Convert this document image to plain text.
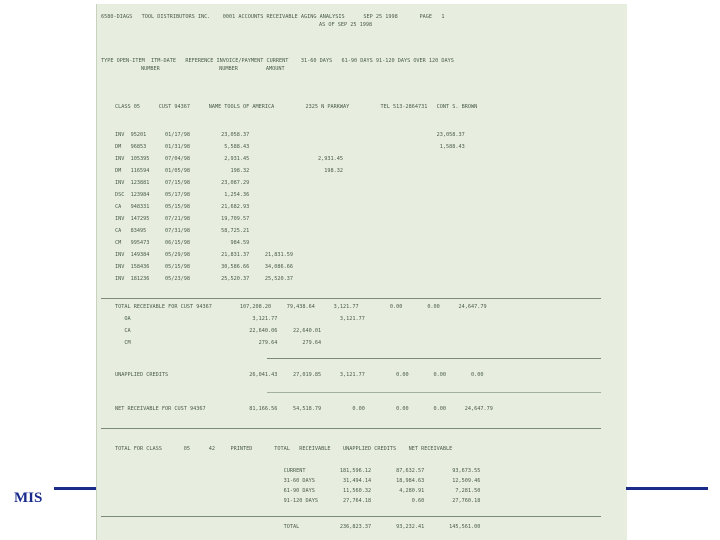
6580-DIAGS   TOOL DISTRIBUTORS INC.    0001 ACCOUNTS RECEIVABLE AGING ANALYSIS      SEP 25 1998       PAGE   1
AS OF SEP 25 1998
TYPE OPEN-ITEM  ITM-DATE   REFERENCE INVOICE/PAYMENT CURRENT    31-60 DAYS   61-90 DAYS 91-120 DAYS OVER 120 DAYS
NUMBER                   NUMBER         AMOUNT
CLASS 05      CUST 94367      NAME TOOLS OF AMERICA          2325 N PARKWAY          TEL 513-2864731   CONT S. BROWN
INV  95201      01/17/98          23,058.37                                                            23,058.37
DM   96853      01/31/98           5,588.43                                                             1,588.43
INV  105395     07/04/98           2,931.45                      2,931.45
DM   116594     01/05/98             198.32                        198.32
INV  123881     07/15/98          23,087.29
DSC  123984     05/17/98           1,254.36
CA   948331     05/15/98          21,682.93
INV  147295     07/21/98          19,709.57
CA   83495      07/31/98          58,725.21
CM   995473     06/15/98             984.59
INV  149384     05/29/98          21,831.37     21,831.59
INV  158436     05/15/98          30,586.66     34,086.66
INV  181236     05/23/98          25,520.37     25,520.37
TOTAL RECEIVABLE FOR CUST 94367         107,208.20     79,438.64      3,121.77          0.00        0.00      24,647.79
OA                                       3,121.77                    3,121.77
CA                                      22,640.06     22,640.01
CM                                         279.64        279.64
UNAPPLIED CREDITS                          26,041.43     27,019.85      3,121.77          0.00        0.00        0.00
NET RECEIVABLE FOR CUST 94367              81,166.56     54,518.79          0.00          0.00        0.00      24,647.79
TOTAL FOR CLASS       05      42     PRINTED       TOTAL   RECEIVABLE    UNAPPLIED CREDITS    NET RECEIVABLE
CURRENT           181,596.12        87,632.57         93,673.55
31-60 DAYS         31,494.14        18,984.63         12,509.46
61-90 DAYS         11,560.32         4,280.91          7,281.50
91-120 DAYS        27,764.18             0.60         27,760.18
TOTAL             236,823.37        93,232.41        145,561.00
MIS
